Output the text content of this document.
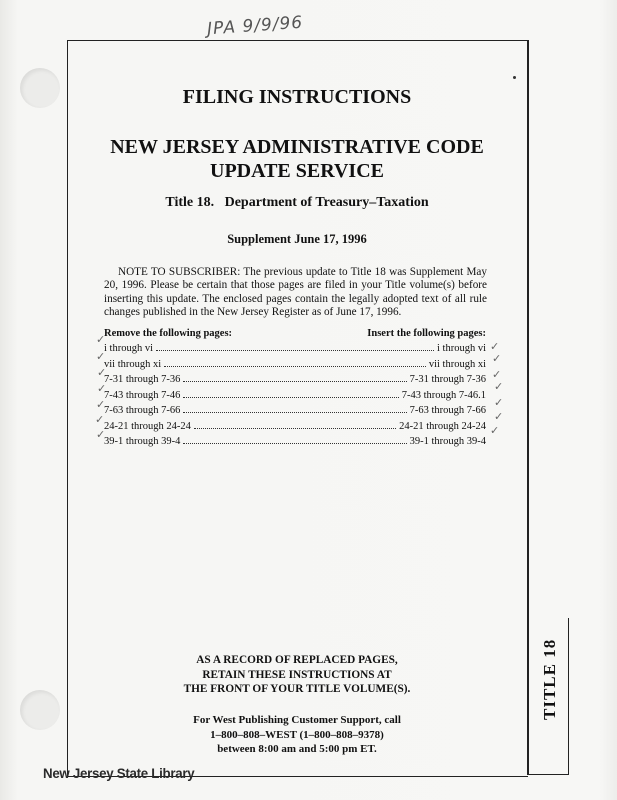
JPA 9/9/96
FILING INSTRUCTIONS
NEW JERSEY ADMINISTRATIVE CODE
UPDATE SERVICE
Title 18.   Department of Treasury–Taxation
Supplement June 17, 1996
NOTE TO SUBSCRIBER: The previous update to Title 18 was Supplement May 20, 1996. Please be certain that those pages are filed in your Title volume(s) before inserting this update. The enclosed pages contain the legally adopted text of all rule changes published in the New Jersey Register as of June 17, 1996.
Remove the following pages:	Insert the following pages:
i through vi	i through vi
vii through xi	vii through xi
7-31 through 7-36	7-31 through 7-36
7-43 through 7-46	7-43 through 7-46.1
7-63 through 7-66	7-63 through 7-66
24-21 through 24-24	24-21 through 24-24
39-1 through 39-4	39-1 through 39-4
✓
✓
✓
✓
✓
✓
✓
✓
✓
✓
✓
✓
✓
✓
AS A RECORD OF REPLACED PAGES,
RETAIN THESE INSTRUCTIONS AT
THE FRONT OF YOUR TITLE VOLUME(S).
For West Publishing Customer Support, call
1–800–808–WEST (1–800–808–9378)
between 8:00 am and 5:00 pm ET.
TITLE 18
New Jersey State Library
